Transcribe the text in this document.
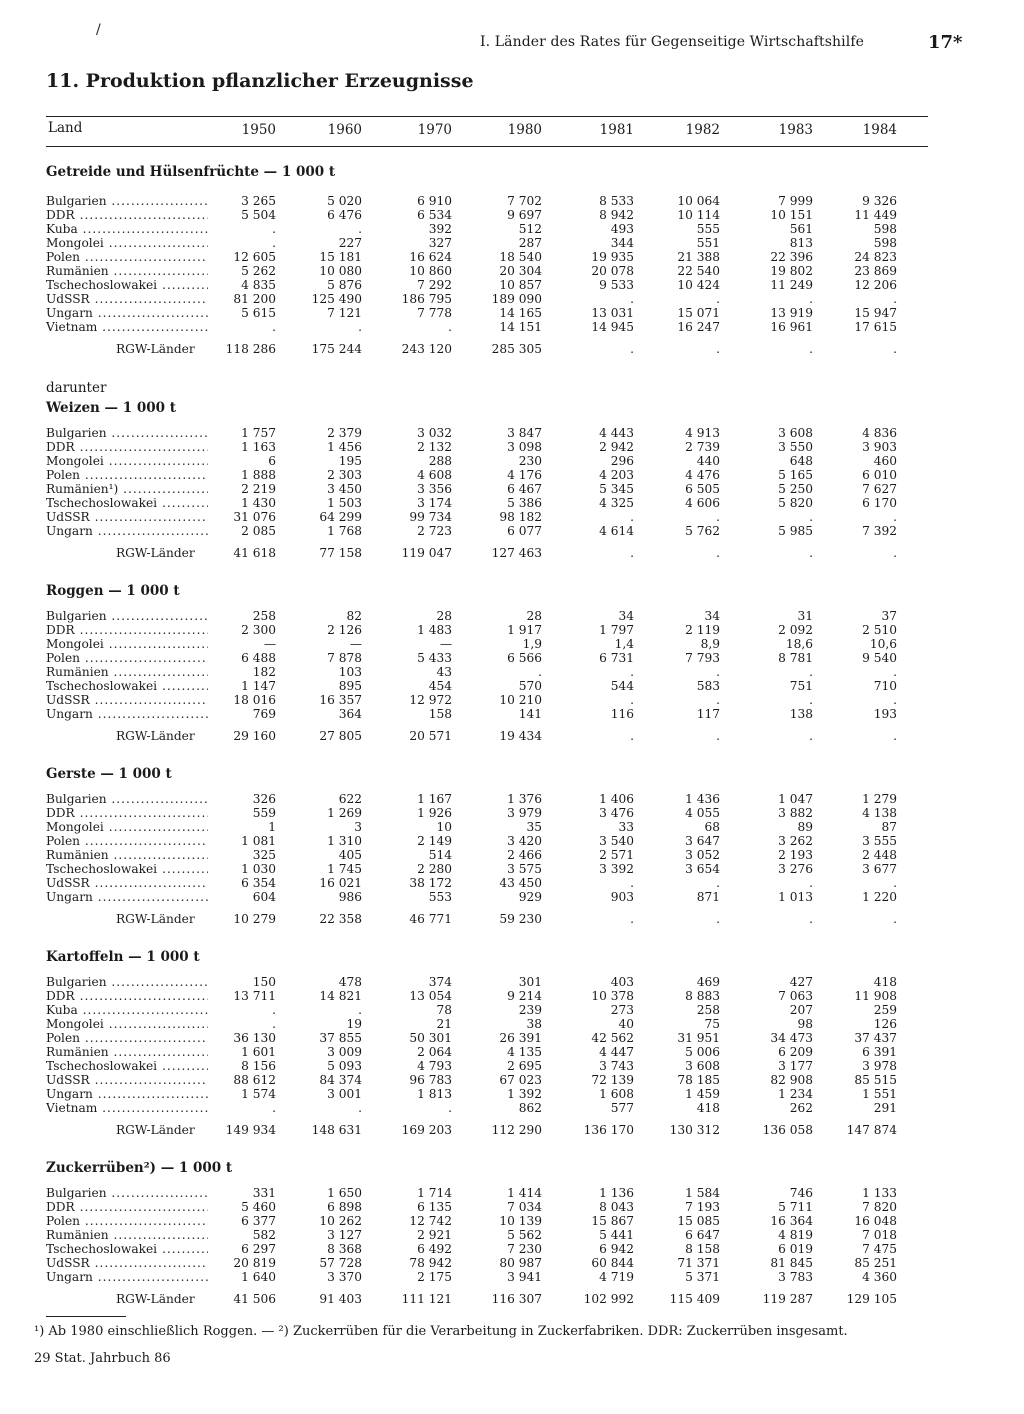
/
I. Länder des Rates für Gegenseitige Wirtschaftshilfe	17*
11. Produktion pflanzlicher Erzeugnisse
Land	1950	1960	1970	1980	1981	1982	1983	1984
darunter
Getreide und Hülsenfrüchte — 1 000 t
Bulgarien .....	3 265	5 020	6 910	7 702	8 533	10 064	7 999	9 326
DDR .....	5 504	6 476	6 534	9 697	8 942	10 114	10 151	11 449
Kuba .....	.	.	392	512	493	555	561	598
Mongolei .....	.	227	327	287	344	551	813	598
Polen .....	12 605	15 181	16 624	18 540	19 935	21 388	22 396	24 823
Rumänien .....	5 262	10 080	10 860	20 304	20 078	22 540	19 802	23 869
Tschechoslowakei .....	4 835	5 876	7 292	10 857	9 533	10 424	11 249	12 206
UdSSR .....	81 200	125 490	186 795	189 090	.	.	.	.
Ungarn .....	5 615	7 121	7 778	14 165	13 031	15 071	13 919	15 947
Vietnam .....	.	.	.	14 151	14 945	16 247	16 961	17 615
RGW-Länder	118 286	175 244	243 120	285 305	.	.	.	.
Weizen — 1 000 t
Bulgarien .....	1 757	2 379	3 032	3 847	4 443	4 913	3 608	4 836
DDR .....	1 163	1 456	2 132	3 098	2 942	2 739	3 550	3 903
Mongolei .....	6	195	288	230	296	440	648	460
Polen .....	1 888	2 303	4 608	4 176	4 203	4 476	5 165	6 010
Rumänien¹) .....	2 219	3 450	3 356	6 467	5 345	6 505	5 250	7 627
Tschechoslowakei .....	1 430	1 503	3 174	5 386	4 325	4 606	5 820	6 170
UdSSR .....	31 076	64 299	99 734	98 182	.	.	.	.
Ungarn .....	2 085	1 768	2 723	6 077	4 614	5 762	5 985	7 392
RGW-Länder	41 618	77 158	119 047	127 463	.	.	.	.
Roggen — 1 000 t
Bulgarien .....	258	82	28	28	34	34	31	37
DDR .....	2 300	2 126	1 483	1 917	1 797	2 119	2 092	2 510
Mongolei .....	—	—	—	1,9	1,4	8,9	18,6	10,6
Polen .....	6 488	7 878	5 433	6 566	6 731	7 793	8 781	9 540
Rumänien .....	182	103	43	.	.	.	.	.
Tschechoslowakei .....	1 147	895	454	570	544	583	751	710
UdSSR .....	18 016	16 357	12 972	10 210	.	.	.	.
Ungarn .....	769	364	158	141	116	117	138	193
RGW-Länder	29 160	27 805	20 571	19 434	.	.	.	.
Gerste — 1 000 t
Bulgarien .....	326	622	1 167	1 376	1 406	1 436	1 047	1 279
DDR .....	559	1 269	1 926	3 979	3 476	4 055	3 882	4 138
Mongolei .....	1	3	10	35	33	68	89	87
Polen .....	1 081	1 310	2 149	3 420	3 540	3 647	3 262	3 555
Rumänien .....	325	405	514	2 466	2 571	3 052	2 193	2 448
Tschechoslowakei .....	1 030	1 745	2 280	3 575	3 392	3 654	3 276	3 677
UdSSR .....	6 354	16 021	38 172	43 450	.	.	.	.
Ungarn .....	604	986	553	929	903	871	1 013	1 220
RGW-Länder	10 279	22 358	46 771	59 230	.	.	.	.
Kartoffeln — 1 000 t
Bulgarien .....	150	478	374	301	403	469	427	418
DDR .....	13 711	14 821	13 054	9 214	10 378	8 883	7 063	11 908
Kuba .....	.	.	78	239	273	258	207	259
Mongolei .....	.	19	21	38	40	75	98	126
Polen .....	36 130	37 855	50 301	26 391	42 562	31 951	34 473	37 437
Rumänien .....	1 601	3 009	2 064	4 135	4 447	5 006	6 209	6 391
Tschechoslowakei .....	8 156	5 093	4 793	2 695	3 743	3 608	3 177	3 978
UdSSR .....	88 612	84 374	96 783	67 023	72 139	78 185	82 908	85 515
Ungarn .....	1 574	3 001	1 813	1 392	1 608	1 459	1 234	1 551
Vietnam .....	.	.	.	862	577	418	262	291
RGW-Länder	149 934	148 631	169 203	112 290	136 170	130 312	136 058	147 874
Zuckerrüben²) — 1 000 t
Bulgarien .....	331	1 650	1 714	1 414	1 136	1 584	746	1 133
DDR .....	5 460	6 898	6 135	7 034	8 043	7 193	5 711	7 820
Polen .....	6 377	10 262	12 742	10 139	15 867	15 085	16 364	16 048
Rumänien .....	582	3 127	2 921	5 562	5 441	6 647	4 819	7 018
Tschechoslowakei .....	6 297	8 368	6 492	7 230	6 942	8 158	6 019	7 475
UdSSR .....	20 819	57 728	78 942	80 987	60 844	71 371	81 845	85 251
Ungarn .....	1 640	3 370	2 175	3 941	4 719	5 371	3 783	4 360
RGW-Länder	41 506	91 403	111 121	116 307	102 992	115 409	119 287	129 105
¹) Ab 1980 einschließlich Roggen. — ²) Zuckerrüben für die Verarbeitung in Zuckerfabriken. DDR: Zuckerrüben insgesamt.
29 Stat. Jahrbuch 86
